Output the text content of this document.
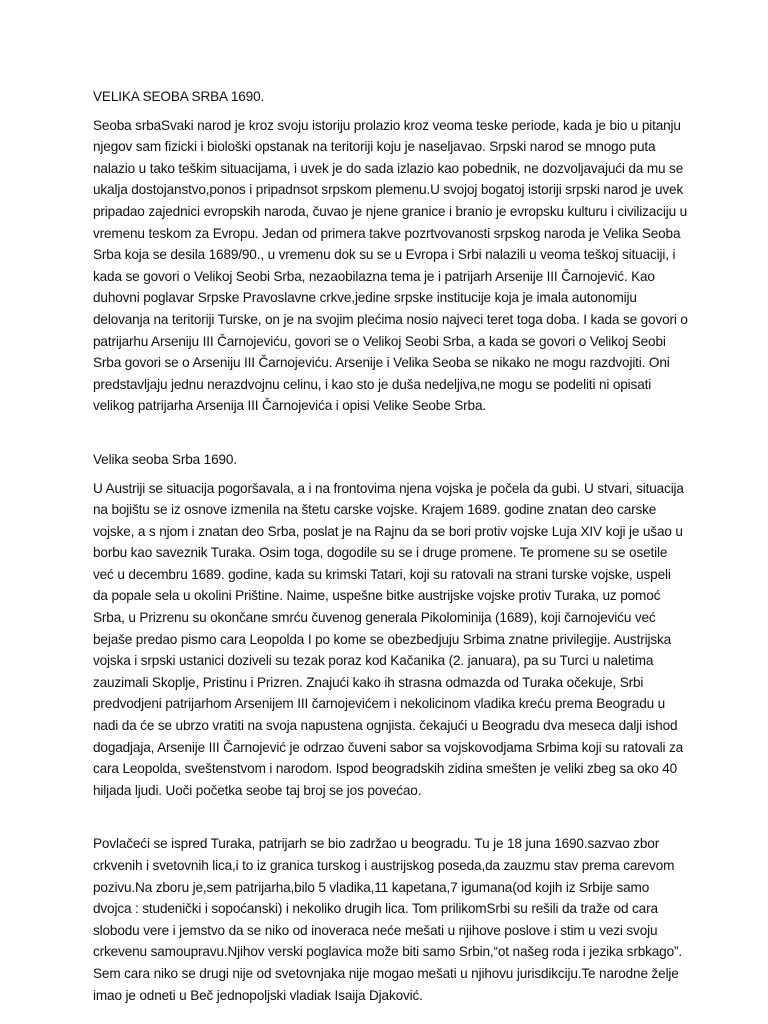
VELIKA SEOBA SRBA 1690.

Seoba srbaSvaki narod je kroz svoju istoriju prolazio kroz veoma teske periode, kada je bio u pitanju njegov sam fizicki i biološki opstanak na teritoriji koju je naseljavao. Srpski narod se mnogo puta nalazio u tako teškim situacijama, i uvek je do sada izlazio kao pobednik, ne dozvoljavajući da mu se ukalja dostojanstvo,ponos i pripadnsot srpskom plemenu.U svojoj bogatoj istoriji srpski narod je uvek pripadao zajednici evropskih naroda, čuvao je njene granice i branio je evropsku kulturu i civilizaciju u vremenu teskom za Evropu. Jedan od primera takve pozrtvovanosti srpskog naroda je Velika Seoba Srba koja se desila 1689/90., u vremenu dok su se u Evropa i Srbi nalazili u veoma teškoj situaciji, i kada se govori o Velikoj Seobi Srba, nezaobilazna tema je i patrijarh Arsenije III Čarnojević. Kao duhovni poglavar Srpske Pravoslavne crkve,jedine srpske institucije koja je imala autonomiju delovanja na teritoriji Turske, on je na svojim plećima nosio najveci teret toga doba. I kada se govori o patrijarhu Arseniju III Čarnojeviću, govori se o Velikoj Seobi Srba, a kada se govori o Velikoj Seobi Srba govori se o Arseniju III Čarnojeviću. Arsenije i Velika Seoba se nikako ne mogu razdvojiti. Oni predstavljaju jednu nerazdvojnu celinu, i kao sto je duša nedeljiva,ne mogu se podeliti ni opisati velikog patrijarha Arsenija III Čarnojevića i opisi Velike Seobe Srba.

Velika seoba Srba 1690.

U Austriji se situacija pogoršavala, a i na frontovima njena vojska je počela da gubi. U stvari, situacija na bojištu se iz osnove izmenila na štetu carske vojske. Krajem 1689. godine znatan deo carske vojske, a s njom i znatan deo Srba, poslat je na Rajnu da se bori protiv vojske Luja XIV koji je ušao u borbu kao saveznik Turaka. Osim toga, dogodile su se i druge promene. Te promene su se osetile već u decembru 1689. godine, kada su krimski Tatari, koji su ratovali na strani turske vojske, uspeli da popale sela u okolini Prištine. Naime, uspešne bitke austrijske vojske protiv Turaka, uz pomoć Srba, u Prizrenu su okončane smrću čuvenog generala Pikolominija (1689), koji čarnojeviću već bejaše predao pismo cara Leopolda I po kome se obezbedjuju Srbima znatne privilegije. Austrijska vojska i srpski ustanici doziveli su tezak poraz kod Kačanika (2. januara), pa su Turci u naletima zauzimali Skoplje, Pristinu i Prizren. Znajući kako ih strasna odmazda od Turaka očekuje, Srbi predvodjeni patrijarhom Arsenijem III čarnojevićem i nekolicinom vladika kreću prema Beogradu u nadi da će se ubrzo vratiti na svoja napustena ognjista. čekajući u Beogradu dva meseca dalji ishod dogadjaja, Arsenije III Čarnojević je odrzao čuveni sabor sa vojskovodjama Srbima koji su ratovali za cara Leopolda, sveštenstvom i narodom. Ispod beogradskih zidina smešten je veliki zbeg sa oko 40 hiljada ljudi. Uoči početka seobe taj broj se jos povećao.

Povlačeći se ispred Turaka, patrijarh se bio zadržao u beogradu. Tu je 18 juna 1690.sazvao zbor crkvenih i svetovnih lica,i to iz granica turskog i austrijskog poseda,da zauzmu stav prema carevom pozivu.Na zboru je,sem patrijarha,bilo 5 vladika,11 kapetana,7 igumana(od kojih iz Srbije samo dvojca : studenički i sopoćanski) i nekoliko drugih lica. Tom prilikomSrbi su rešili da traže od cara slobodu vere i jemstvo da se niko od inoveraca neće mešati u njihove poslove i stim u vezi svoju crkevenu samoupravu.Njihov verski poglavica može biti samo Srbin,“ot našeg roda i jezika srbkago”. Sem cara niko se drugi nije od svetovnjaka nije mogao mešati u njihovu jurisdikciju.Te narodne želje imao je odneti u Beč jednopoljski vladiak Isaija Djaković.
